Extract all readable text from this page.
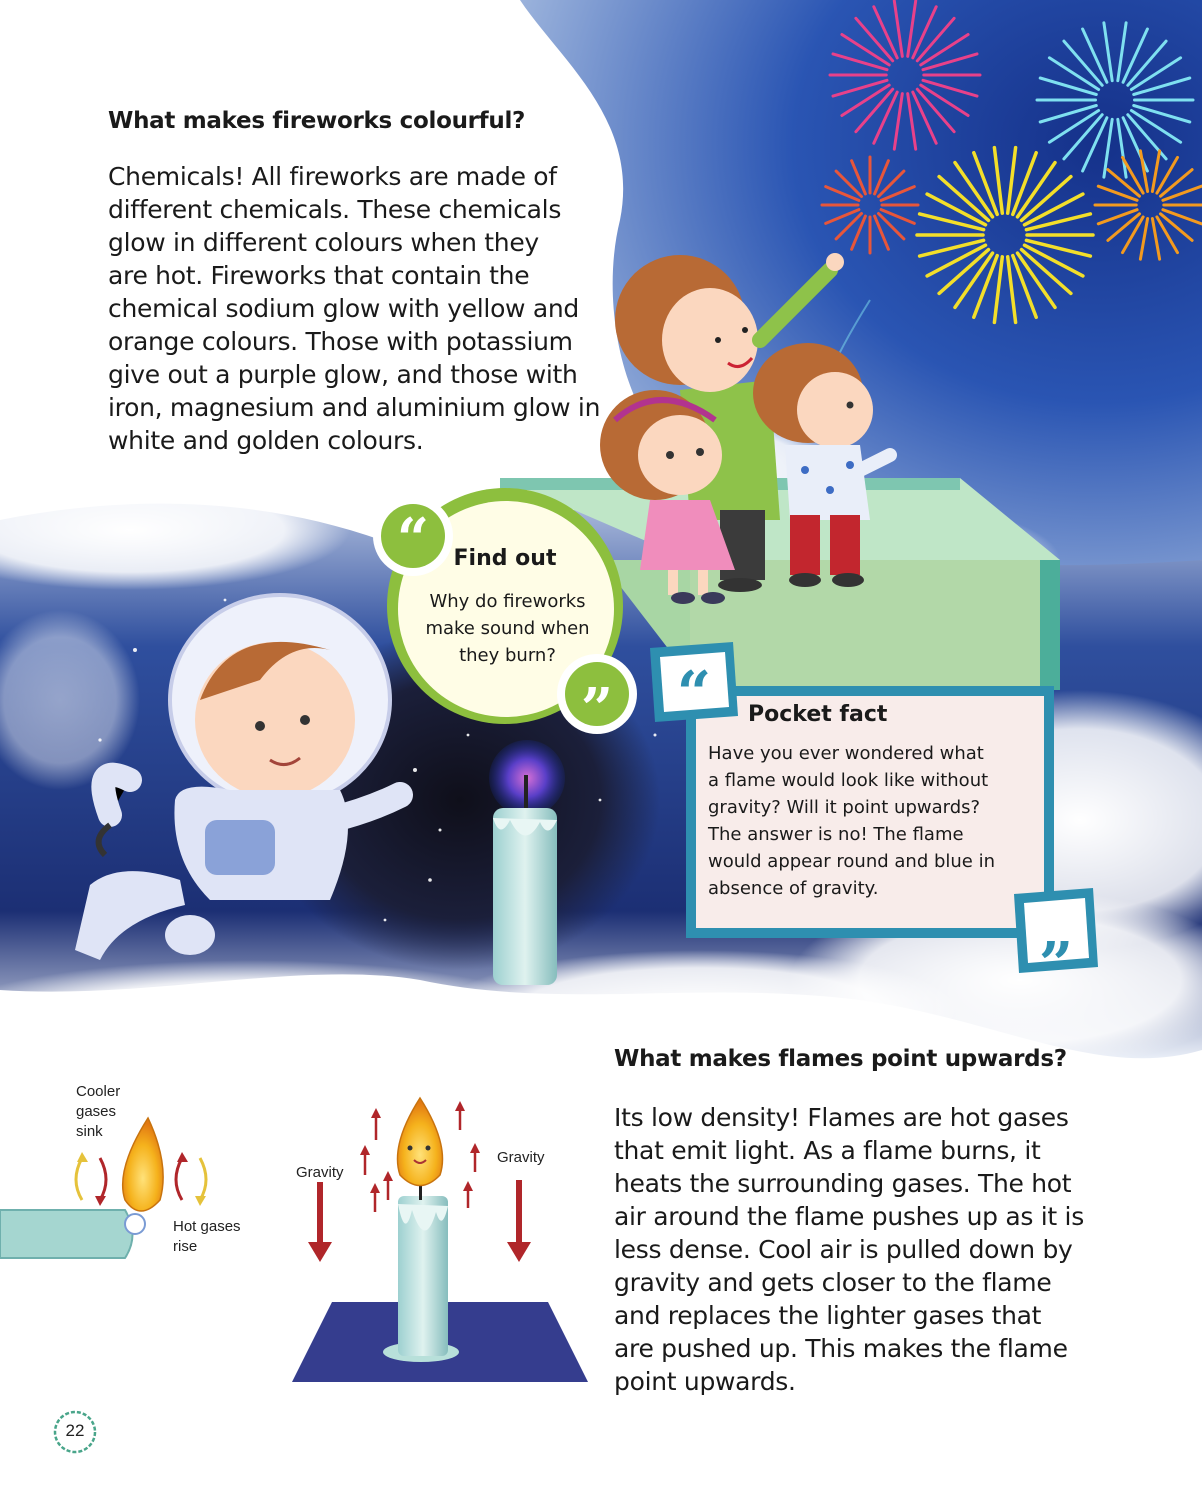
“
” “
”
What makes fireworks colourful?
Chemicals! All fireworks are made of
different chemicals. These chemicals
glow in different colours when they
are hot. Fireworks that contain the
chemical sodium glow with yellow and
orange colours. Those with potassium
give out a purple glow, and those with
iron, magnesium and aluminium glow in
white and golden colours.
Find out
Why do fireworks
make sound when
they burn?
Pocket fact
Have you ever wondered what
a flame would look like without
gravity? Will it point upwards?
The answer is no! The flame
would appear round and blue in
absence of gravity.
What makes flames point upwards?
Its low density! Flames are hot gases
that emit light. As a flame burns, it
heats the surrounding gases. The hot
air around the flame pushes up as it is
less dense. Cool air is pulled down by
gravity and gets closer to the flame
and replaces the lighter gases that
are pushed up. This makes the flame
point upwards.
Cooler
gases
sink
Hot gases
rise
Gravity
Gravity
22
